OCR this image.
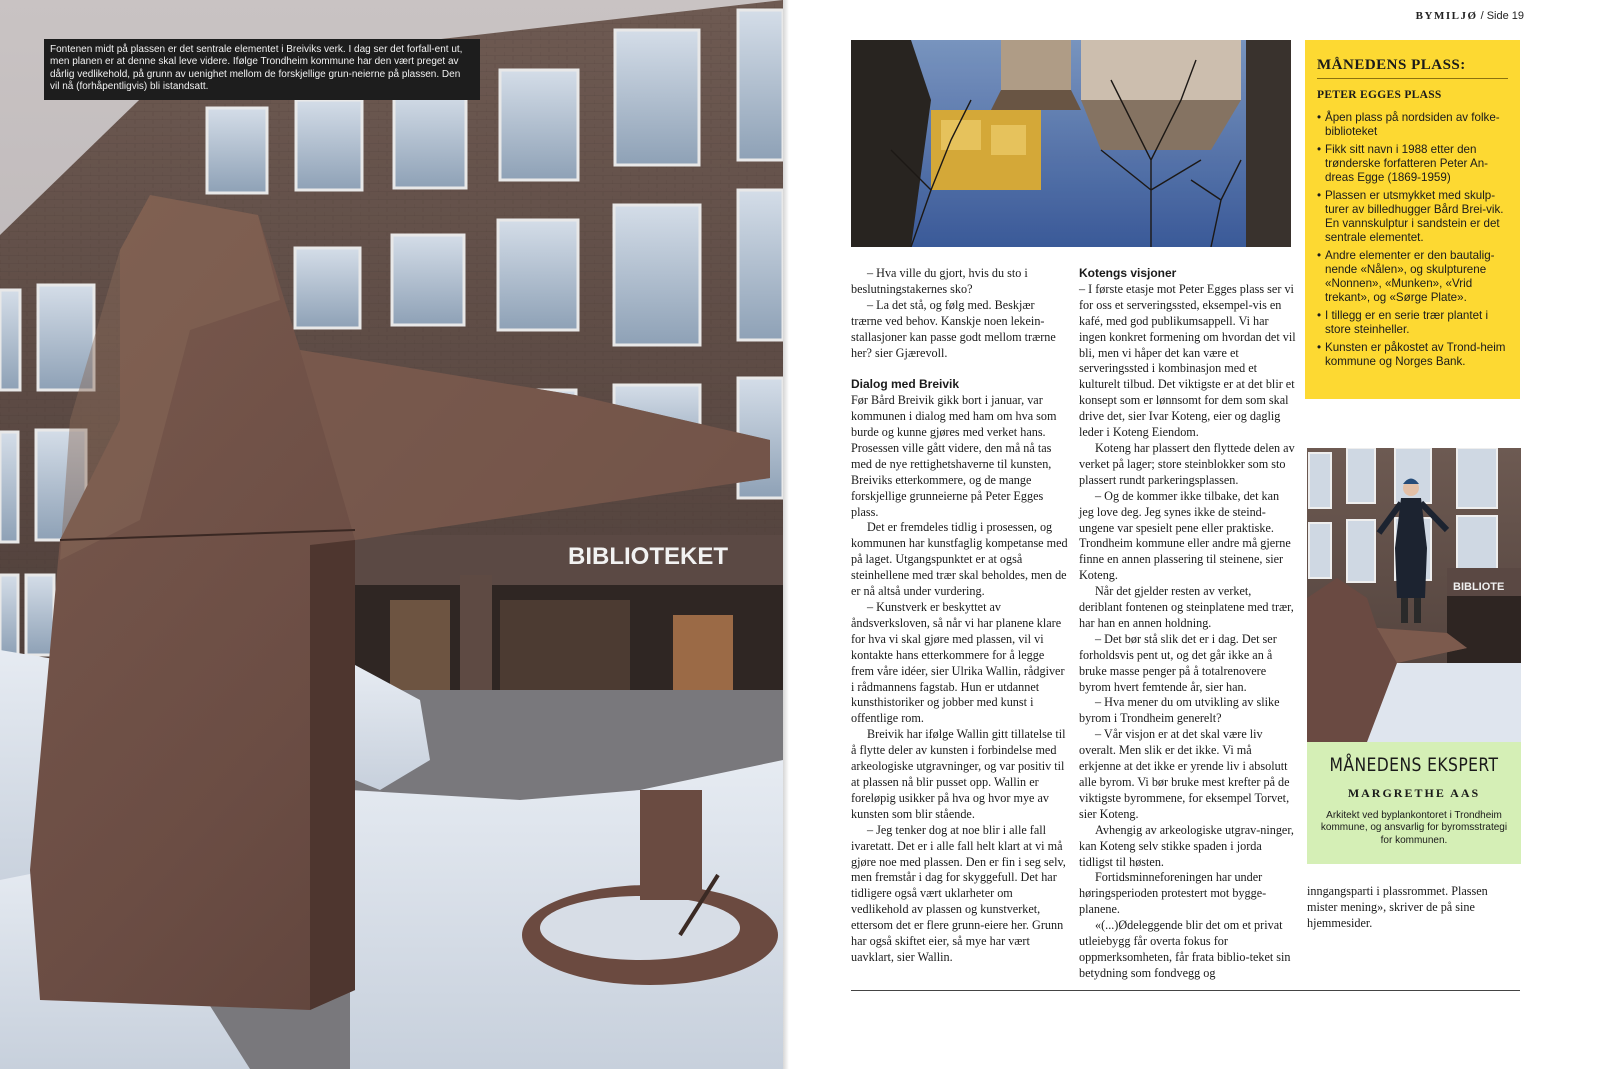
BIBLIOTEKET
Fontenen midt på plassen er det sentrale elementet i Breiviks verk. I dag ser det forfall-ent ut, men planen er at denne skal leve videre. Ifølge Trondheim kommune har den vært preget av dårlig vedlikehold, på grunn av uenighet mellom de forskjellige grun-neierne på plassen. Den vil nå (forhåpentligvis) bli istandsatt.
BYMILJØ / Side 19

– Hva ville du gjort, hvis du sto i beslutningstakernes sko?

– La det stå, og følg med. Beskjær trærne ved behov. Kanskje noen lekein-stallasjoner kan passe godt mellom trærne her? sier Gjærevoll.

Dialog med Breivik

Før Bård Breivik gikk bort i januar, var kommunen i dialog med ham om hva som burde og kunne gjøres med verket hans. Prosessen ville gått videre, den må nå tas med de nye rettighetshaverne til kunsten, Breiviks etterkommere, og de mange forskjellige grunneierne på Peter Egges plass.

Det er fremdeles tidlig i prosessen, og kommunen har kunstfaglig kompetanse med på laget. Utgangspunktet er at også steinhellene med trær skal beholdes, men de er nå altså under vurdering.

– Kunstverk er beskyttet av åndsverksloven, så når vi har planene klare for hva vi skal gjøre med plassen, vil vi kontakte hans etterkommere for å legge frem våre idéer, sier Ulrika Wallin, rådgiver i rådmannens fagstab. Hun er utdannet kunsthistoriker og jobber med kunst i offentlige rom.

Breivik har ifølge Wallin gitt tillatelse til å flytte deler av kunsten i forbindelse med arkeologiske utgravninger, og var positiv til at plassen nå blir pusset opp. Wallin er foreløpig usikker på hva og hvor mye av kunsten som blir stående.

– Jeg tenker dog at noe blir i alle fall ivaretatt. Det er i alle fall helt klart at vi må gjøre noe med plassen. Den er fin i seg selv, men fremstår i dag for skyggefull. Det har tidligere også vært uklarheter om vedlikehold av plassen og kunstverket, ettersom det er flere grunn-eiere her. Grunn har også skiftet eier, så mye har vært uavklart, sier Wallin.

Kotengs visjoner

– I første etasje mot Peter Egges plass ser vi for oss et serveringssted, eksempel-vis en kafé, med god publikumsappell. Vi har ingen konkret formening om hvordan det vil bli, men vi håper det kan være et serveringssted i kombinasjon med et kulturelt tilbud. Det viktigste er at det blir et konsept som er lønnsomt for dem som skal drive det, sier Ivar Koteng, eier og daglig leder i Koteng Eiendom.

Koteng har plassert den flyttede delen av verket på lager; store steinblokker som sto plassert rundt parkeringsplassen.

– Og de kommer ikke tilbake, det kan jeg love deg. Jeg synes ikke de steind-ungene var spesielt pene eller praktiske. Trondheim kommune eller andre må gjerne finne en annen plassering til steinene, sier Koteng.

Når det gjelder resten av verket, deriblant fontenen og steinplatene med trær, har han en annen holdning.

– Det bør stå slik det er i dag. Det ser forholdsvis pent ut, og det går ikke an å bruke masse penger på å totalrenovere byrom hvert femtende år, sier han.

– Hva mener du om utvikling av slike byrom i Trondheim generelt?

– Vår visjon er at det skal være liv overalt. Men slik er det ikke. Vi må erkjenne at det ikke er yrende liv i absolutt alle byrom. Vi bør bruke mest krefter på de viktigste byrommene, for eksempel Torvet, sier Koteng.

Avhengig av arkeologiske utgrav-ninger, kan Koteng selv stikke spaden i jorda tidligst til høsten.

Fortidsminneforeningen har under høringsperioden protestert mot bygge-planene.

«(...)Ødeleggende blir det om et privat utleiebygg får overta fokus for oppmerksomheten, får frata biblio-teket sin betydning som fondvegg og

inngangsparti i plassrommet. Plassen mister mening», skriver de på sine hjemmesider.

MÅNEDENS PLASS:
PETER EGGES PLASS
• Åpen plass på nordsiden av folke-biblioteket
• Fikk sitt navn i 1988 etter den trønderske forfatteren Peter An-dreas Egge (1869-1959)
• Plassen er utsmykket med skulp-turer av billedhugger Bård Brei-vik. En vannskulptur i sandstein er det sentrale elementet.
• Andre elementer er den bautalig-nende «Nålen», og skulpturene «Nonnen», «Munken», «Vrid trekant», og «Sørge Plate».
• I tillegg er en serie trær plantet i store steinheller.
• Kunsten er påkostet av Trond-heim kommune og Norges Bank.
BIBLIOTE
MÅNEDENS EKSPERT
MARGRETHE AAS
Arkitekt ved byplankontoret i Trondheim kommune, og ansvarlig for byromsstrategi for kommunen.
